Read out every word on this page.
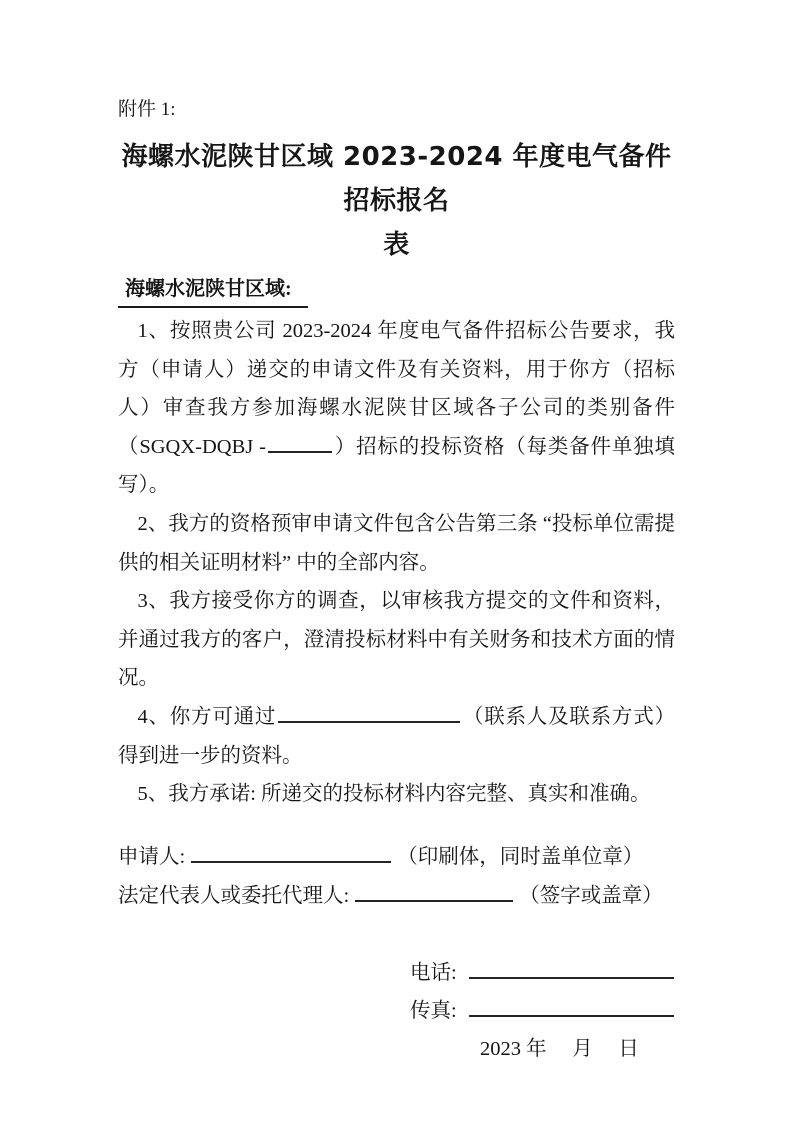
附件 1:
海螺水泥陕甘区域 2023-2024 年度电气备件招标报名
表
海螺水泥陕甘区域:

1、按照贵公司 2023-2024 年度电气备件招标公告要求，我方（申请人）递交的申请文件及有关资料，用于你方（招标人）审查我方参加海螺水泥陕甘区域各子公司的类别备件（SGQX-DQBJ -	）招标的投标资格（每类备件单独填写）。

2、我方的资格预审申请文件包含公告第三条 “投标单位需提供的相关证明材料” 中的全部内容。

3、我方接受你方的调查，以审核我方提交的文件和资料，并通过我方的客户，澄清投标材料中有关财务和技术方面的情况。

4、你方可通过	（联系人及联系方式）得到进一步的资料。

5、我方承诺: 所递交的投标材料内容完整、真实和准确。

申请人:	（印刷体，同时盖单位章）
法定代表人或委托代理人:	（签字或盖章）
电话:
传真:
2023 年　 月　 日
